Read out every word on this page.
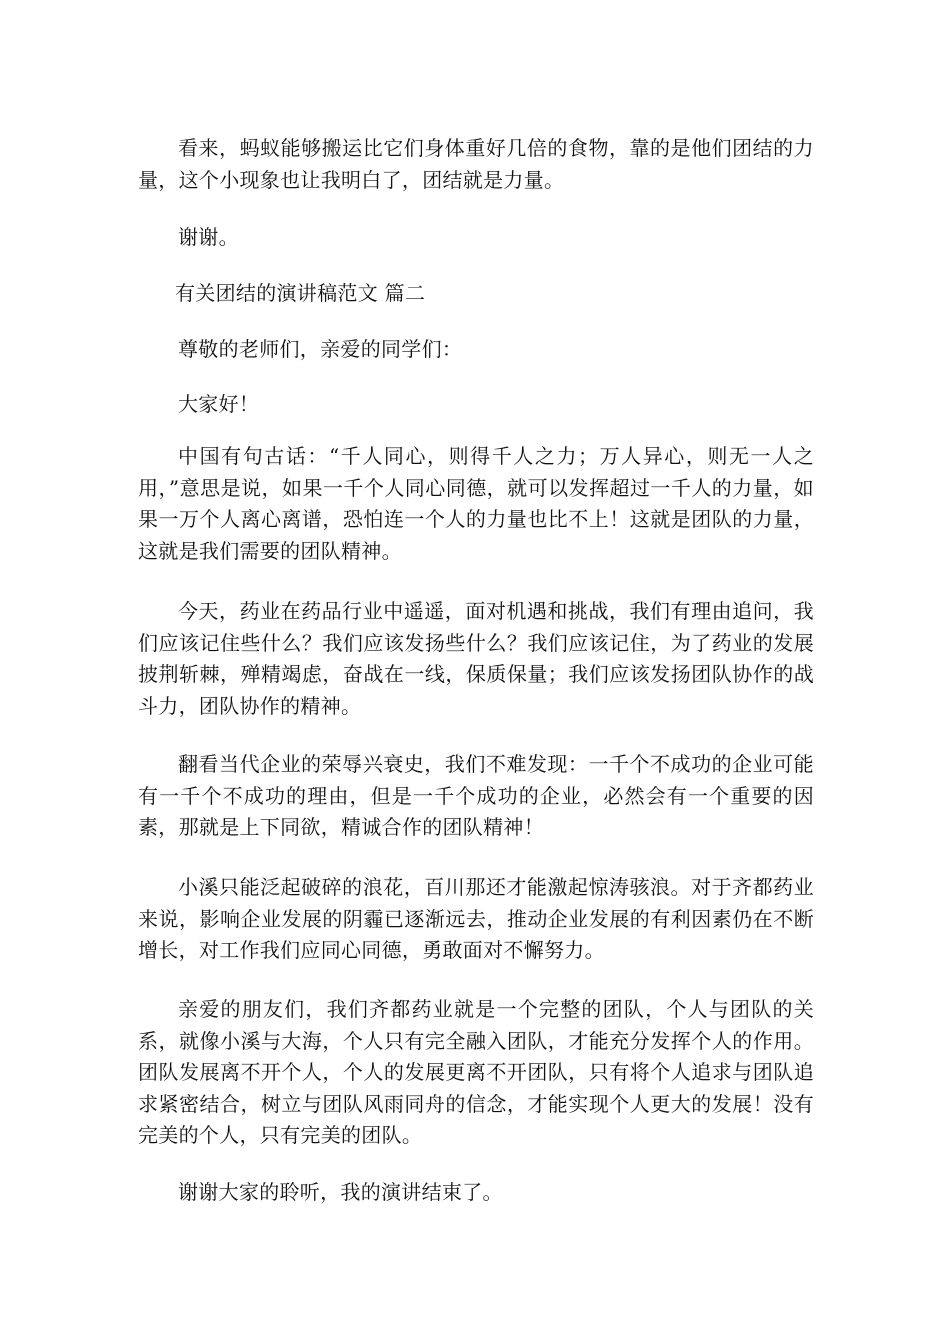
看来，蚂蚁能够搬运比它们身体重好几倍的食物，靠的是他们团结的力量，这个小现象也让我明白了，团结就是力量。

谢谢。

有关团结的演讲稿范文 篇二

尊敬的老师们，亲爱的同学们：

大家好！

中国有句古话：“千人同心，则得千人之力；万人异心，则无一人之用，”意思是说，如果一千个人同心同德，就可以发挥超过一千人的力量，如果一万个人离心离谱，恐怕连一个人的力量也比不上！这就是团队的力量，这就是我们需要的团队精神。

今天，药业在药品行业中遥遥，面对机遇和挑战，我们有理由追问，我们应该记住些什么？我们应该发扬些什么？我们应该记住，为了药业的发展披荆斩棘，殚精竭虑，奋战在一线，保质保量；我们应该发扬团队协作的战斗力，团队协作的精神。

翻看当代企业的荣辱兴衰史，我们不难发现：一千个不成功的企业可能有一千个不成功的理由，但是一千个成功的企业，必然会有一个重要的因素，那就是上下同欲，精诚合作的团队精神！

小溪只能泛起破碎的浪花，百川那还才能激起惊涛骇浪。对于齐都药业来说，影响企业发展的阴霾已逐渐远去，推动企业发展的有利因素仍在不断增长，对工作我们应同心同德，勇敢面对不懈努力。

亲爱的朋友们，我们齐都药业就是一个完整的团队，个人与团队的关系，就像小溪与大海，个人只有完全融入团队，才能充分发挥个人的作用。团队发展离不开个人，个人的发展更离不开团队，只有将个人追求与团队追求紧密结合，树立与团队风雨同舟的信念，才能实现个人更大的发展！没有完美的个人，只有完美的团队。

谢谢大家的聆听，我的演讲结束了。
